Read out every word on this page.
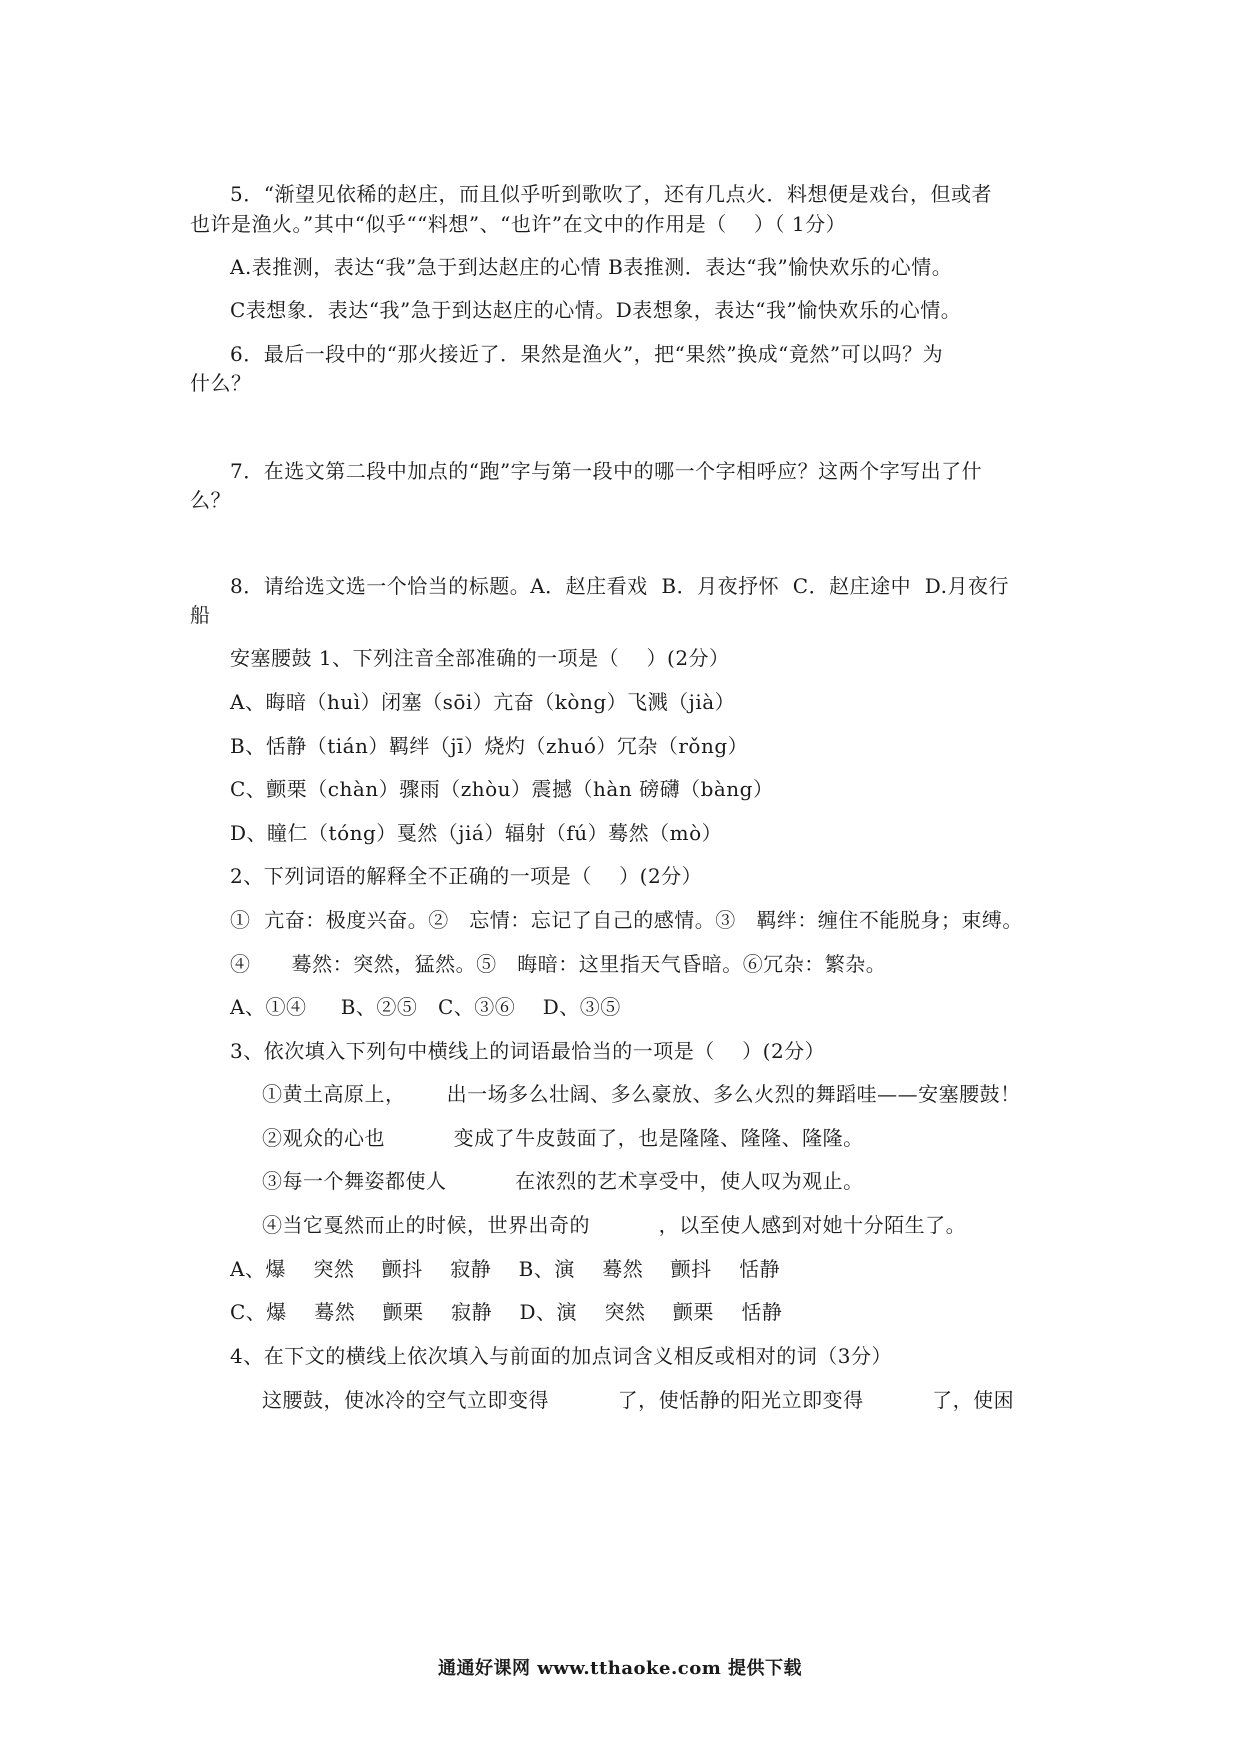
5．“渐望见依稀的赵庄，而且似乎听到歌吹了，还有几点火．料想便是戏台，但或者
也许是渔火。”其中“似乎““料想”、“也许”在文中的作用是（    ）（ 1分）
A.表推测，表达“我”急于到达赵庄的心情 B表推测．表达“我”愉快欢乐的心情。
C表想象．表达“我”急于到达赵庄的心情。D表想象，表达“我”愉快欢乐的心情。
6．最后一段中的“那火接近了．果然是渔火”，把“果然”换成“竟然”可以吗？为
什么？
7．在选文第二段中加点的“跑”字与第一段中的哪一个字相呼应？这两个字写出了什
么？
8．请给选文选一个恰当的标题。A．赵庄看戏  B．月夜抒怀  C．赵庄途中  D.月夜行
船
安塞腰鼓 1、下列注音全部准确的一项是（    ）(2分）
A、晦暗（huì）闭塞（sōi）亢奋（kòng）飞溅（jià）
B、恬静（tián）羁绊（jī）烧灼（zhuó）冗杂（rǒng）
C、颤栗（chàn）骤雨（zhòu）震撼（hàn 磅礴（bàng）
D、瞳仁（tóng）戛然（jiá）辐射（fú）蓦然（mò）
2、下列词语的解释全不正确的一项是（    ）(2分）
①  亢奋：极度兴奋。②   忘情：忘记了自己的感情。③   羁绊：缠住不能脱身；束缚。
④      蓦然：突然，猛然。⑤   晦暗：这里指天气昏暗。⑥冗杂：繁杂。
A、①④     B、②⑤   C、③⑥    D、③⑤
3、依次填入下列句中横线上的词语最恰当的一项是（    ）(2分）
①黄土高原上，      出一场多么壮阔、多么豪放、多么火烈的舞蹈哇——安塞腰鼓！
②观众的心也          变成了牛皮鼓面了，也是隆隆、隆隆、隆隆。
③每一个舞姿都使人          在浓烈的艺术享受中，使人叹为观止。
④当它戛然而止的时候，世界出奇的          ，以至使人感到对她十分陌生了。
A、爆    突然    颤抖    寂静    B、演    蓦然    颤抖    恬静
C、爆    蓦然    颤栗    寂静    D、演    突然    颤栗    恬静
4、在下文的横线上依次填入与前面的加点词含义相反或相对的词（3分）
这腰鼓，使冰冷的空气立即变得          了，使恬静的阳光立即变得          了，使困
通通好课网 www.tthaoke.com 提供下载
